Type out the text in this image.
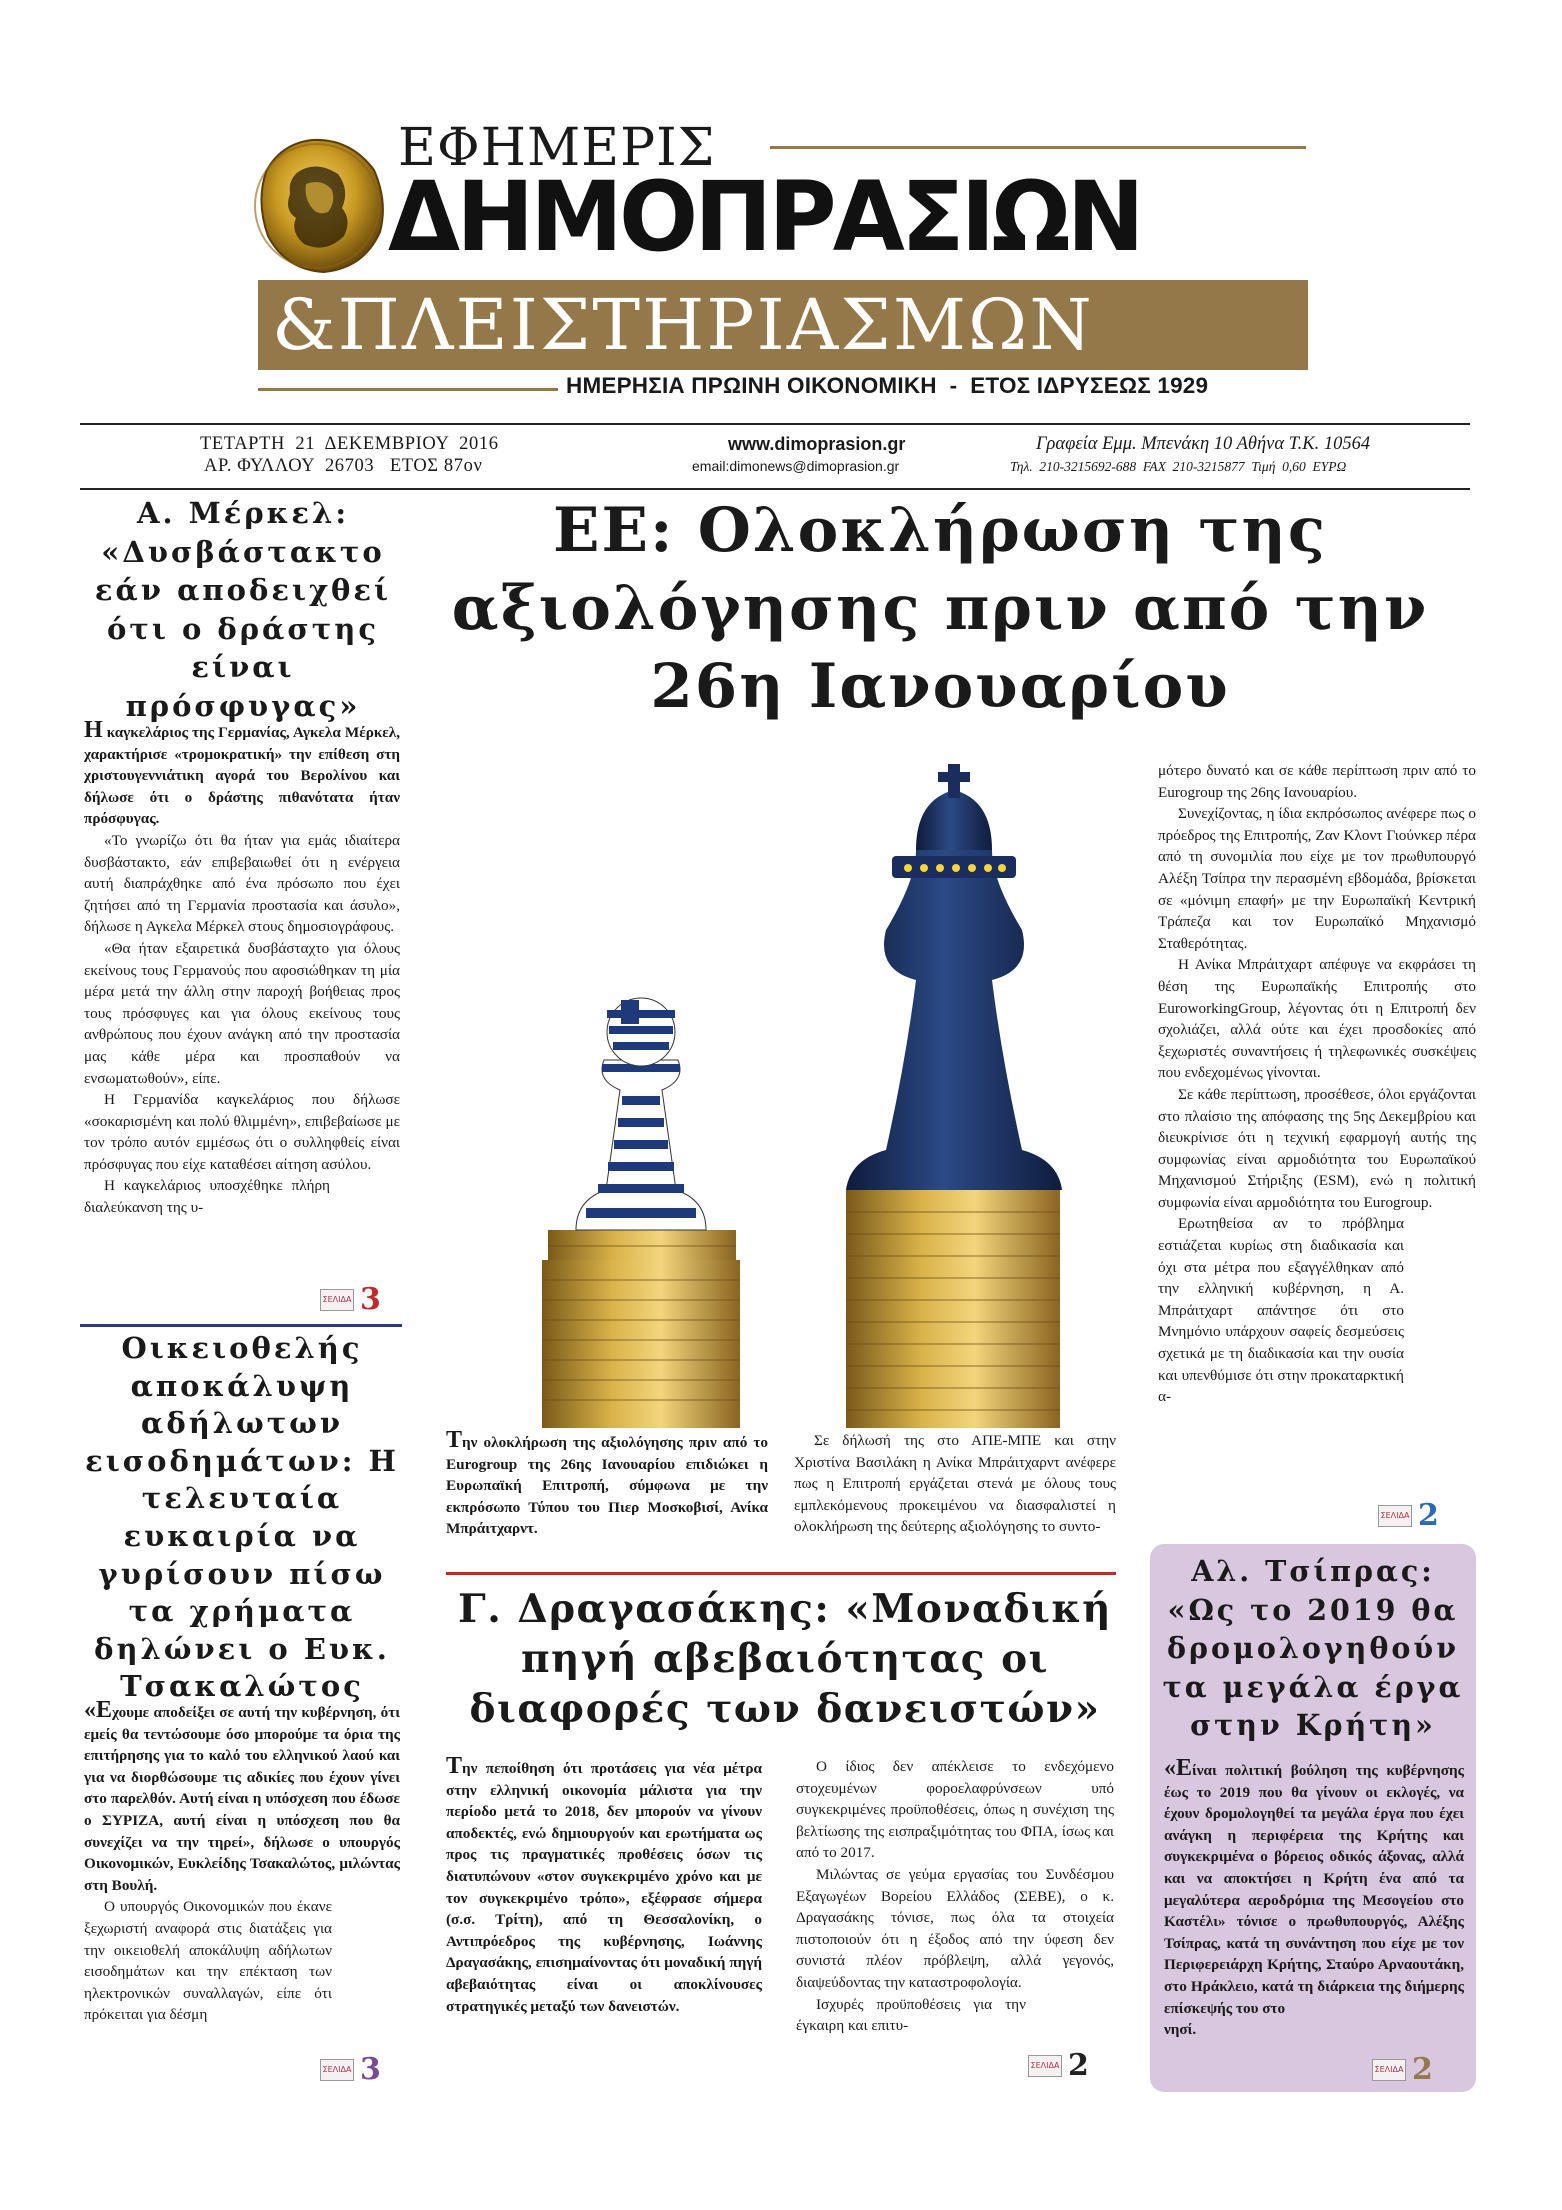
ΕΦΗΜΕΡΙΣ
ΔΗΜΟΠΡΑΣΙΩΝ
&ΠΛΕΙΣΤΗΡΙΑΣΜΩΝ
ΗΜΕΡΗΣΙΑ ΠΡΩΙΝΗ ΟΙΚΟΝΟΜΙΚΗ  -  ΕΤΟΣ ΙΔΡΥΣΕΩΣ 1929
ΤΕΤΑΡΤΗ  21  ΔΕΚΕΜΒΡΙΟΥ  2016
ΑΡ. ΦΥΛΛΟΥ  26703   ΕΤΟΣ 87ον
www.dimoprasion.gr
email:dimonews@dimoprasion.gr
Γραφεία Εμμ. Μπενάκη 10 Αθήνα Τ.Κ. 10564
Τηλ.  210-3215692-688  FAX  210-3215877  Τιμή  0,60  ΕΥΡΩ
Α. Μέρκελ: «Δυσβάστακτο εάν αποδειχθεί ότι ο δράστης είναι πρόσφυγας»
Η καγκελάριος της Γερμανίας, Αγκελα Μέρκελ, χαρακτήρισε «τρομοκρατική» την επίθεση στη χριστουγεννιάτικη αγορά του Βερολίνου και δήλωσε ότι ο δράστης πιθανότατα ήταν πρόσφυγας.

«Το γνωρίζω ότι θα ήταν για εμάς ιδιαίτερα δυσβάστακτο, εάν επιβεβαιωθεί ότι η ενέργεια αυτή διαπράχθηκε από ένα πρόσωπο που έχει ζητήσει από τη Γερμανία προστασία και άσυλο», δήλωσε η Αγκελα Μέρκελ στους δημοσιογράφους.

«Θα ήταν εξαιρετικά δυσβάσταχτο για όλους εκείνους τους Γερμανούς που αφοσιώθηκαν τη μία μέρα μετά την άλλη στην παροχή βοήθειας προς τους πρόσφυγες και για όλους εκείνους τους ανθρώπους που έχουν ανάγκη από την προστασία μας κάθε μέρα και προσπαθούν να ενσωματωθούν», είπε.

Η Γερμανίδα καγκελάριος που δήλωσε «σοκαρισμένη και πολύ θλιμμένη», επιβεβαίωσε με τον τρόπο αυτόν εμμέσως ότι ο συλληφθείς είναι πρόσφυγας που είχε καταθέσει αίτηση ασύλου.

Η καγκελάριος υποσχέθηκε πλήρη διαλεύκανση της υ-

ΣΕΛΙΔΑ 3
Οικειοθελής αποκάλυψη αδήλωτων εισοδημάτων: Η τελευταία ευκαιρία να γυρίσουν πίσω τα χρήματα δηλώνει ο Ευκ. Τσακαλώτος
«Εχουμε αποδείξει σε αυτή την κυβέρνηση, ότι εμείς θα τεντώσουμε όσο μπορούμε τα όρια της επιτήρησης για το καλό του ελληνικού λαού και για να διορθώσουμε τις αδικίες που έχουν γίνει στο παρελθόν. Αυτή είναι η υπόσχεση που έδωσε ο ΣΥΡΙΖΑ, αυτή είναι η υπόσχεση που θα συνεχίζει να την τηρεί», δήλωσε ο υπουργός Οικονομικών, Ευκλείδης Τσακαλώτος, μιλώντας στη Βουλή.

Ο υπουργός Οικονομικών που έκανε ξεχωριστή αναφορά στις διατάξεις για την οικειοθελή αποκάλυψη αδήλωτων εισοδημάτων και την επέκταση των ηλεκτρονικών συναλλαγών, είπε ότι πρόκειται για δέσμη

ΣΕΛΙΔΑ 3
ΕΕ: Ολοκλήρωση της αξιολόγησης πριν από την 26η Ιανουαρίου
Την ολοκλήρωση της αξιολόγησης πριν από το Eurogroup της 26ης Ιανουαρίου επιδιώκει η Ευρωπαϊκή Επιτροπή, σύμφωνα με την εκπρόσωπο Τύπου του Πιερ Μοσκοβισί, Ανίκα Μπράιτχαρντ.

Σε δήλωσή της στο ΑΠΕ-ΜΠΕ και στην Χριστίνα Βασιλάκη η Ανίκα Μπράιτχαρντ ανέφερε πως η Επιτροπή εργάζεται στενά με όλους τους εμπλεκόμενους προκειμένου να διασφαλιστεί η ολοκλήρωση της δεύτερης αξιολόγησης το συντο-

μότερο δυνατό και σε κάθε περίπτωση πριν από το Eurogroup της 26ης Ιανουαρίου.

Συνεχίζοντας, η ίδια εκπρόσωπος ανέφερε πως ο πρόεδρος της Επιτροπής, Ζαν Κλοντ Γιούνκερ πέρα από τη συνομιλία που είχε με τον πρωθυπουργό Αλέξη Τσίπρα την περασμένη εβδομάδα, βρίσκεται σε «μόνιμη επαφή» με την Ευρωπαϊκή Κεντρική Τράπεζα και τον Ευρωπαϊκό Μηχανισμό Σταθερότητας.

Η Ανίκα Μπράιτχαρτ απέφυγε να εκφράσει τη θέση της Ευρωπαϊκής Επιτροπής στο EuroworkingGroup, λέγοντας ότι η Επιτροπή δεν σχολιάζει, αλλά ούτε και έχει προσδοκίες από ξεχωριστές συναντήσεις ή τηλεφωνικές συσκέψεις που ενδεχομένως γίνονται.

Σε κάθε περίπτωση, προσέθεσε, όλοι εργάζονται στο πλαίσιο της απόφασης της 5ης Δεκεμβρίου και διευκρίνισε ότι η τεχνική εφαρμογή αυτής της συμφωνίας είναι αρμοδιότητα του Ευρωπαϊκού Μηχανισμού Στήριξης (ESM), ενώ η πολιτική συμφωνία είναι αρμοδιότητα του Eurogroup.

Ερωτηθείσα αν το πρόβλημα εστιάζεται κυρίως στη διαδικασία και όχι στα μέτρα που εξαγγέλθηκαν από την ελληνική κυβέρνηση, η Α. Μπράιτχαρτ απάντησε ότι στο Μνημόνιο υπάρχουν σαφείς δεσμεύσεις σχετικά με τη διαδικασία και την ουσία και υπενθύμισε ότι στην προκαταρκτική α-

ΣΕΛΙΔΑ 2
Γ. Δραγασάκης: «Μοναδική πηγή αβεβαιότητας οι διαφορές των δανειστών»
Την πεποίθηση ότι προτάσεις για νέα μέτρα στην ελληνική οικονομία μάλιστα για την περίοδο μετά το 2018, δεν μπορούν να γίνουν αποδεκτές, ενώ δημιουργούν και ερωτήματα ως προς τις πραγματικές προθέσεις όσων τις διατυπώνουν «στον συγκεκριμένο χρόνο και με τον συγκεκριμένο τρόπο», εξέφρασε σήμερα (σ.σ. Τρίτη), από τη Θεσσαλονίκη, ο Αντιπρόεδρος της κυβέρνησης, Ιωάννης Δραγασάκης, επισημαίνοντας ότι μοναδική πηγή αβεβαιότητας είναι οι αποκλίνουσες στρατηγικές μεταξύ των δανειστών.

Ο ίδιος δεν απέκλεισε το ενδεχόμενο στοχευμένων φοροελαφρύνσεων υπό συγκεκριμένες προϋποθέσεις, όπως η συνέχιση της βελτίωσης της εισπραξιμότητας του ΦΠΑ, ίσως και από το 2017.

Μιλώντας σε γεύμα εργασίας του Συνδέσμου Εξαγωγέων Βορείου Ελλάδος (ΣΕΒΕ), ο κ. Δραγασάκης τόνισε, πως όλα τα στοιχεία πιστοποιούν ότι η έξοδος από την ύφεση δεν συνιστά πλέον πρόβλεψη, αλλά γεγονός, διαψεύδοντας την καταστροφολογία.

Ισχυρές προϋποθέσεις για την έγκαιρη και επιτυ-

ΣΕΛΙΔΑ 2
Αλ. Τσίπρας: «Ως το 2019 θα δρομολογηθούν τα μεγάλα έργα στην Κρήτη»
«Είναι πολιτική βούληση της κυβέρνησης έως το 2019 που θα γίνουν οι εκλογές, να έχουν δρομολογηθεί τα μεγάλα έργα που έχει ανάγκη η περιφέρεια της Κρήτης και συγκεκριμένα ο βόρειος οδικός άξονας, αλλά και να αποκτήσει η Κρήτη ένα από τα μεγαλύτερα αεροδρόμια της Μεσογείου στο Καστέλι» τόνισε ο πρωθυπουργός, Αλέξης Τσίπρας, κατά τη συνάντηση που είχε με τον Περιφερειάρχη Κρήτης, Σταύρο Αρναουτάκη, στο Ηράκλειο, κατά τη διάρκεια της διήμερης επίσκεψής του στο
νησί.
ΣΕΛΙΔΑ 2
